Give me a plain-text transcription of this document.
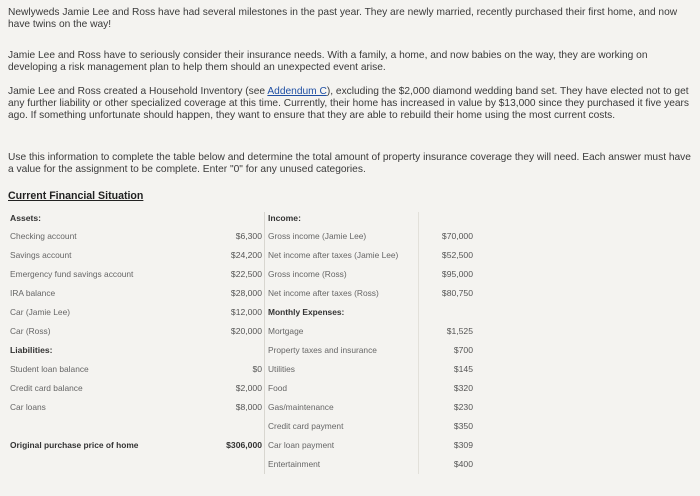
Newlyweds Jamie Lee and Ross have had several milestones in the past year. They are newly married, recently purchased their first home, and now have twins on the way!

Jamie Lee and Ross have to seriously consider their insurance needs. With a family, a home, and now babies on the way, they are working on developing a risk management plan to help them should an unexpected event arise.

Jamie Lee and Ross created a Household Inventory (see Addendum C), excluding the $2,000 diamond wedding band set. They have elected not to get any further liability or other specialized coverage at this time. Currently, their home has increased in value by $13,000 since they purchased it five years ago. If something unfortunate should happen, they want to ensure that they are able to rebuild their home using the most current costs.

Use this information to complete the table below and determine the total amount of property insurance coverage they will need. Each answer must have a value for the assignment to be complete. Enter "0" for any unused categories.

Current Financial Situation
Assets:
Checking account	$6,300
Savings account	$24,200
Emergency fund savings account	$22,500
IRA balance	$28,000
Car (Jamie Lee)	$12,000
Car (Ross)	$20,000
Liabilities:
Student loan balance	$0
Credit card balance	$2,000
Car loans	$8,000
Original purchase price of home	$306,000
Income:
Gross income (Jamie Lee)	$70,000
Net income after taxes (Jamie Lee)	$52,500
Gross income (Ross)	$95,000
Net income after taxes (Ross)	$80,750
Monthly Expenses:
Mortgage	$1,525
Property taxes and insurance	$700
Utilities	$145
Food	$320
Gas/maintenance	$230
Credit card payment	$350
Car loan payment	$309
Entertainment	$400
